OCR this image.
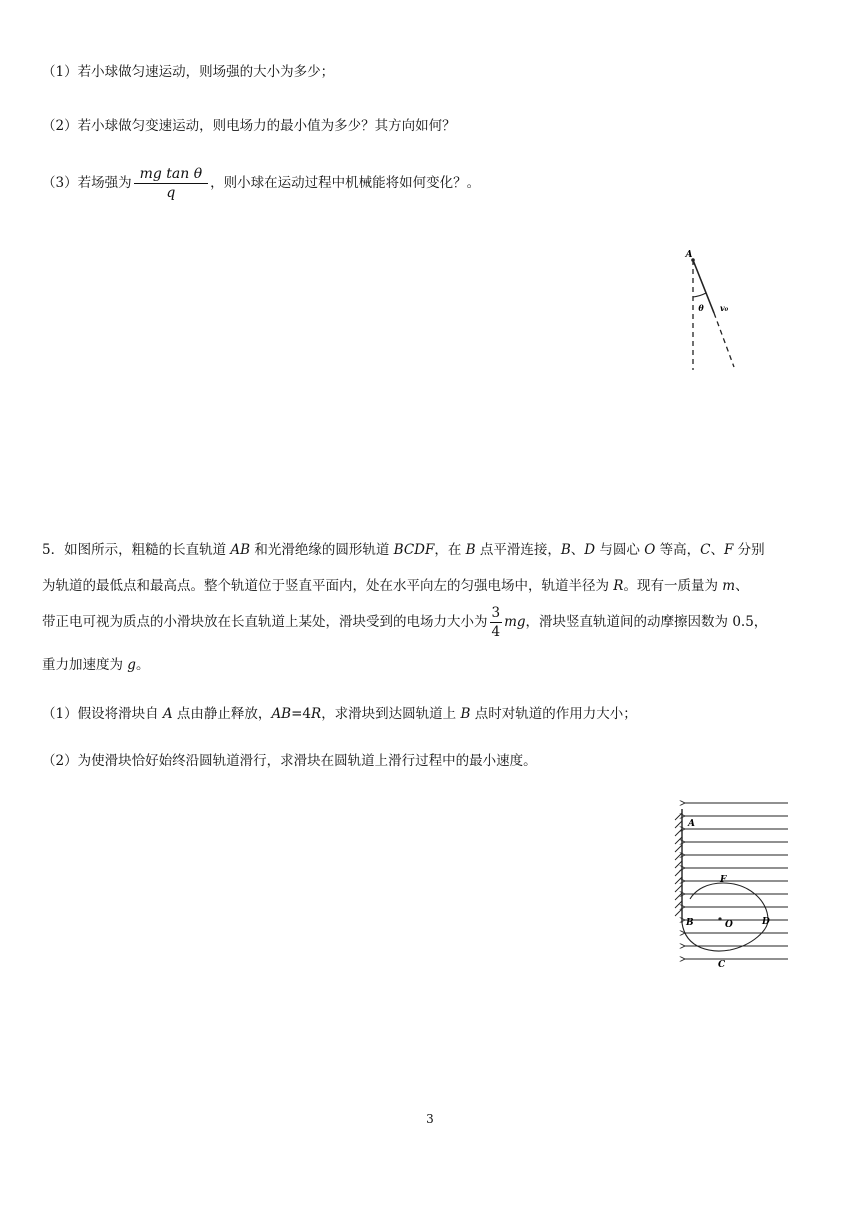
（1）若小球做匀速运动，则场强的大小为多少；
（2）若小球做匀变速运动，则电场力的最小值为多少？其方向如何？
（3）若场强为 $\frac{\text{mg tan θ}}{q}$ ，则小球在运动过程中机械能将如何变化？。
A
θ v₀
5．如图所示，粗糙的长直轨道 AB 和光滑绝缘的圆形轨道 BCDF，在 B 点平滑连接，B、D 与圆心 O 等高，C、F 分别
为轨道的最低点和最高点。整个轨道位于竖直平面内，处在水平向左的匀强电场中，轨道半径为 R。现有一质量为 m、
带正电可视为质点的小滑块放在长直轨道上某处，滑块受到的电场力大小为 $\frac{3}{4}$ mg，滑块竖直轨道间的动摩擦因数为 0.5，
重力加速度为 g。
（1）假设将滑块自 A 点由静止释放，AB=4R，求滑块到达圆轨道上 B 点时对轨道的作用力大小；
（2）为使滑块恰好始终沿圆轨道滑行，求滑块在圆轨道上滑行过程中的最小速度。
A
F
B	O	D
C
3
